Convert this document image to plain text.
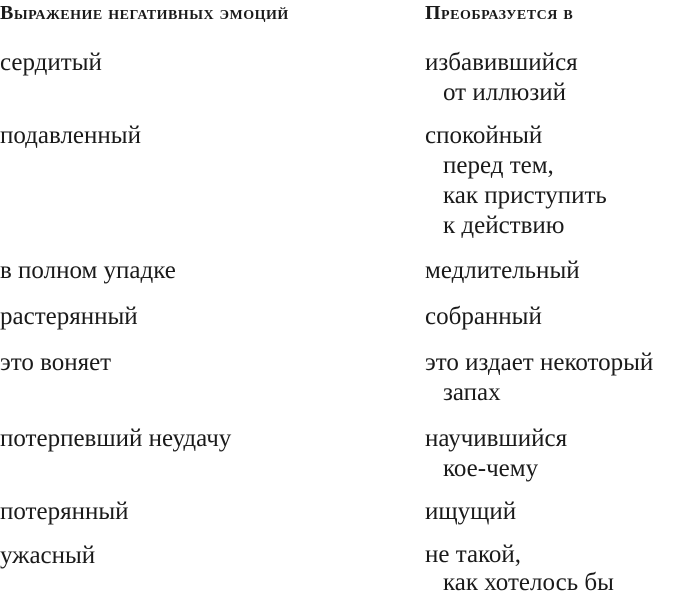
Выражение негативных эмоций	Преобразуется в
сердитый	избавившийся
от иллюзий
подавленный	спокойный
перед тем,
как приступить
к действию
в полном упадке	медлительный
растерянный	собранный
это воняет	это издает некоторый
запах
потерпевший неудачу	научившийся
кое-чему
потерянный	ищущий
ужасный	не такой,
как хотелось бы
